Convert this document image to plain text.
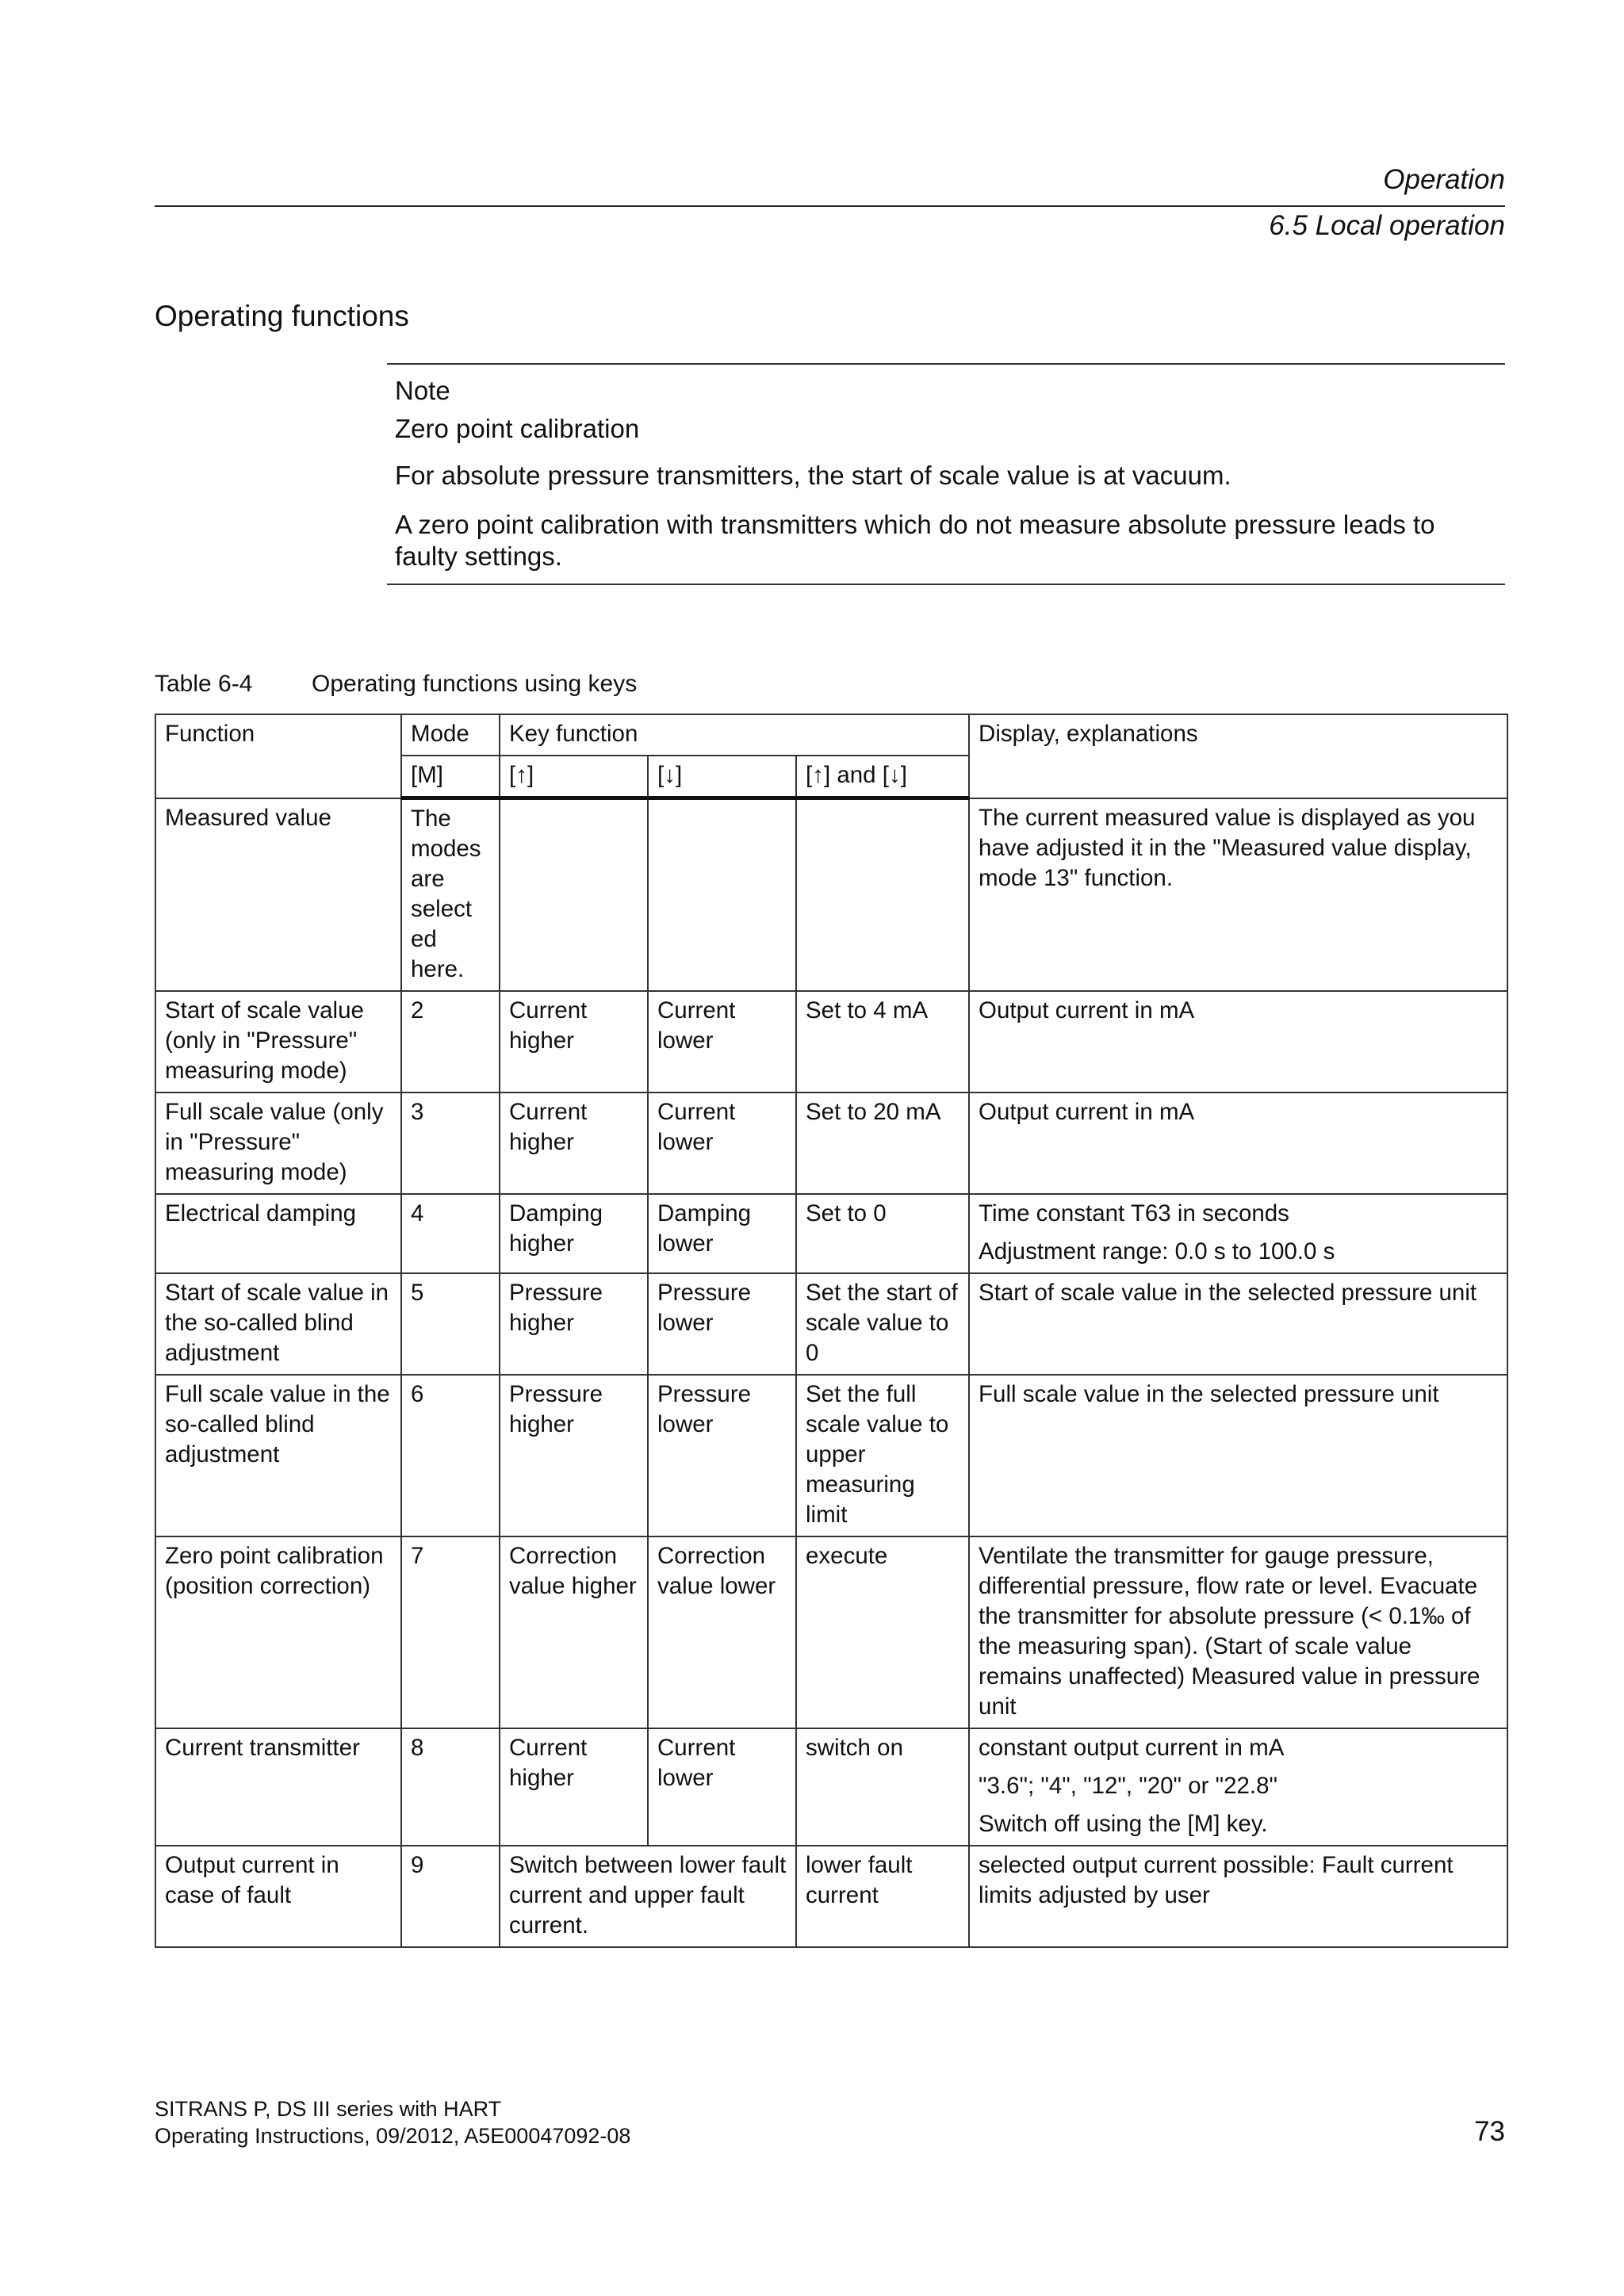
Operation
6.5 Local operation
Operating functions
Note
Zero point calibration
For absolute pressure transmitters, the start of scale value is at vacuum.
A zero point calibration with transmitters which do not measure absolute pressure leads to faulty settings.
Table 6-4 Operating functions using keys
Function	Mode	Key function			Display, explanations
	[M]	[↑]	[↓]	[↑] and [↓]	
Measured value	The modes are select ed here.				The current measured value is displayed as you have adjusted it in the "Measured value display, mode 13" function.

Start of scale value (only in "Pressure" measuring mode)	2	Current higher	Current lower	Set to 4 mA	Output current in mA

Full scale value (only in "Pressure" measuring mode)	3	Current higher	Current lower	Set to 20 mA	Output current in mA

Electrical damping	4	Damping higher	Damping lower	Set to 0	Time constant T63 in seconds
Adjustment range: 0.0 s to 100.0 s

Start of scale value in the so-called blind adjustment	5	Pressure higher	Pressure lower	Set the start of scale value to 0	Start of scale value in the selected pressure unit

Full scale value in the so-called blind adjustment	6	Pressure higher	Pressure lower	Set the full scale value to upper measuring limit	Full scale value in the selected pressure unit

Zero point calibration (position correction)	7	Correction value higher	Correction value lower	execute	Ventilate the transmitter for gauge pressure, differential pressure, flow rate or level. Evacuate the transmitter for absolute pressure (< 0.1‰ of the measuring span). (Start of scale value remains unaffected) Measured value in pressure unit

Current transmitter	8	Current higher	Current lower	switch on	constant output current in mA
"3.6"; "4", "12", "20" or "22.8"
Switch off using the [M] key.

Output current in case of fault	9	Switch between lower fault current and upper fault current.		lower fault current	selected output current possible: Fault current limits adjusted by user
SITRANS P, DS III series with HART
Operating Instructions, 09/2012, A5E00047092-08	73
